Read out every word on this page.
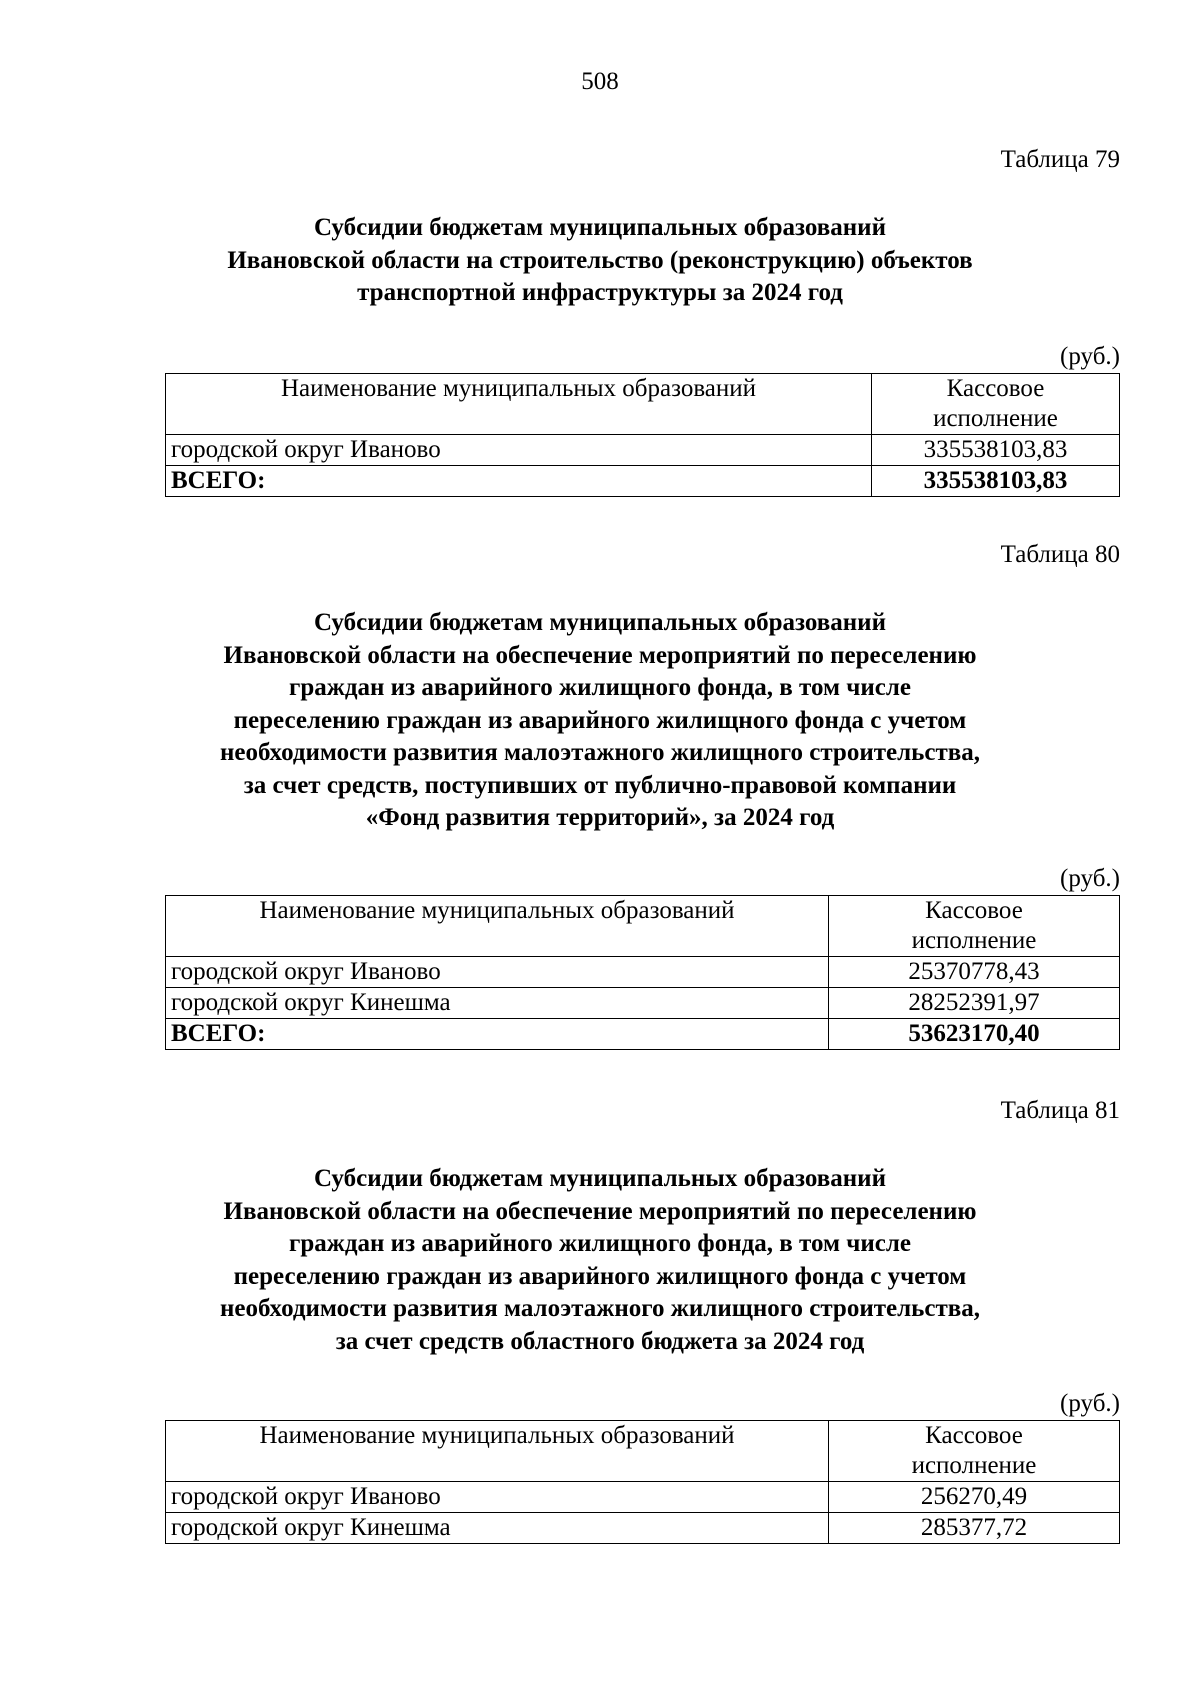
508
Таблица 79
Субсидии бюджетам муниципальных образований
Ивановской области на строительство (реконструкцию) объектов
транспортной инфраструктуры за 2024 год
(руб.)
Наименование муниципальных образований	Кассовое
исполнение

городской округ Иваново	335538103,83
ВСЕГО:	335538103,83
Таблица 80
Субсидии бюджетам муниципальных образований
Ивановской области на обеспечение мероприятий по переселению
граждан из аварийного жилищного фонда, в том числе
переселению граждан из аварийного жилищного фонда с учетом
необходимости развития малоэтажного жилищного строительства,
за счет средств, поступивших от публично-правовой компании
«Фонд развития территорий», за 2024 год
(руб.)
Наименование муниципальных образований	Кассовое
исполнение

городской округ Иваново	25370778,43
городской округ Кинешма	28252391,97
ВСЕГО:	53623170,40
Таблица 81
Субсидии бюджетам муниципальных образований
Ивановской области на обеспечение мероприятий по переселению
граждан из аварийного жилищного фонда, в том числе
переселению граждан из аварийного жилищного фонда с учетом
необходимости развития малоэтажного жилищного строительства,
за счет средств областного бюджета за 2024 год
(руб.)
Наименование муниципальных образований	Кассовое
исполнение

городской округ Иваново	256270,49
городской округ Кинешма	285377,72
